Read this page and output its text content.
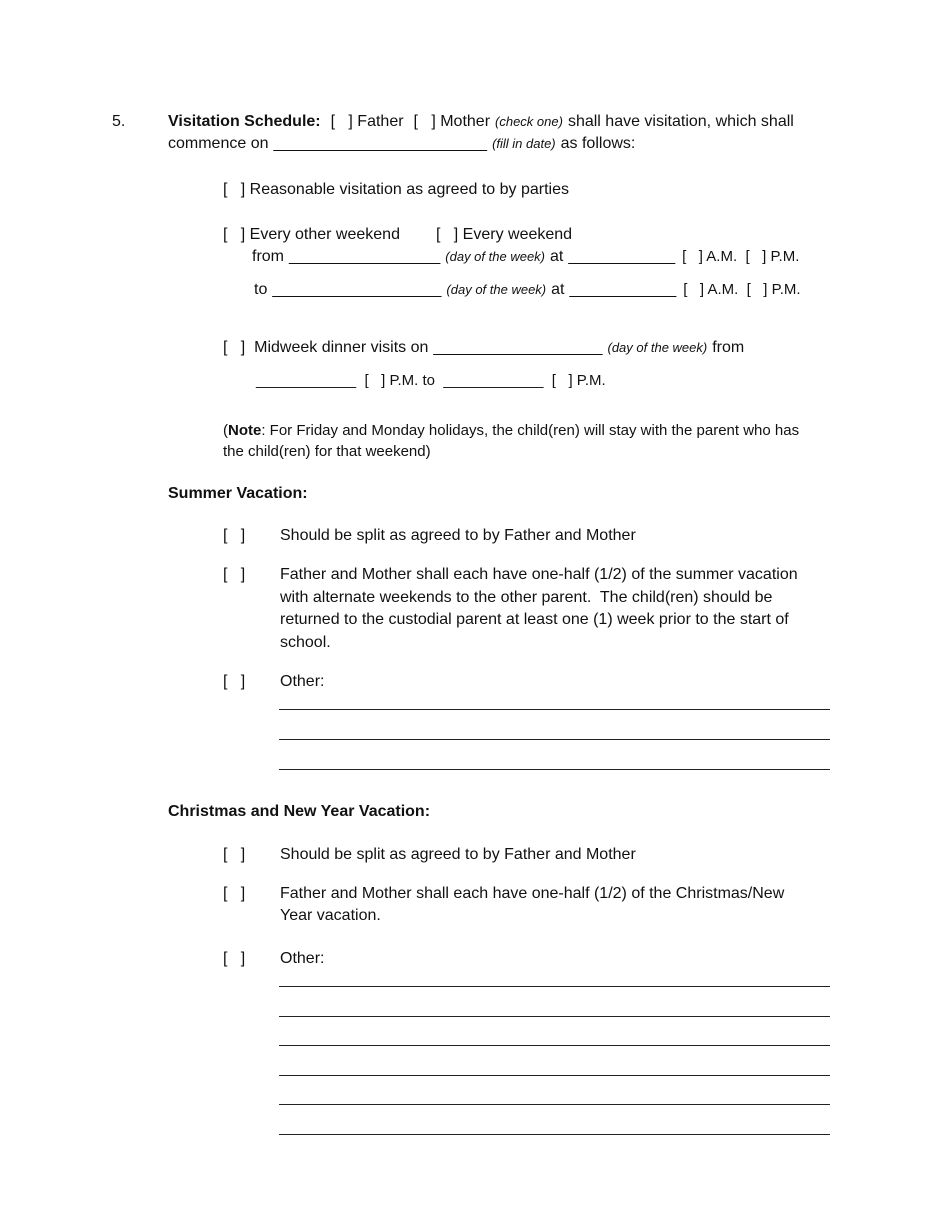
5.	Visitation Schedule: [   ] Father [   ] Mother (check one) shall have visitation, which shall
commence on ________________________ (fill in date) as follows:
[   ] Reasonable visitation as agreed to by parties
[   ] Every other weekend [   ] Every weekend
from _________________ (day of the week) at ____________ [   ] A.M.  [   ] P.M.
to ___________________ (day of the week) at ____________ [   ] A.M.  [   ] P.M.
[   ]  Midweek dinner visits on ___________________ (day of the week) from
____________  [   ] P.M. to  ____________  [   ] P.M.
( Note : For Friday and Monday holidays, the child(ren) will stay with the parent who has
the child(ren) for that weekend)
Summer Vacation:
[   ] Should be split as agreed to by Father and Mother
[   ] Father and Mother shall each have one-half (1/2) of the summer vacation
with alternate weekends to the other parent.  The child(ren) should be
returned to the custodial parent at least one (1) week prior to the start of
school.
[   ] Other:
Christmas and New Year Vacation:
[   ] Should be split as agreed to by Father and Mother
[   ] Father and Mother shall each have one-half (1/2) of the Christmas/New
Year vacation.
[   ] Other:
